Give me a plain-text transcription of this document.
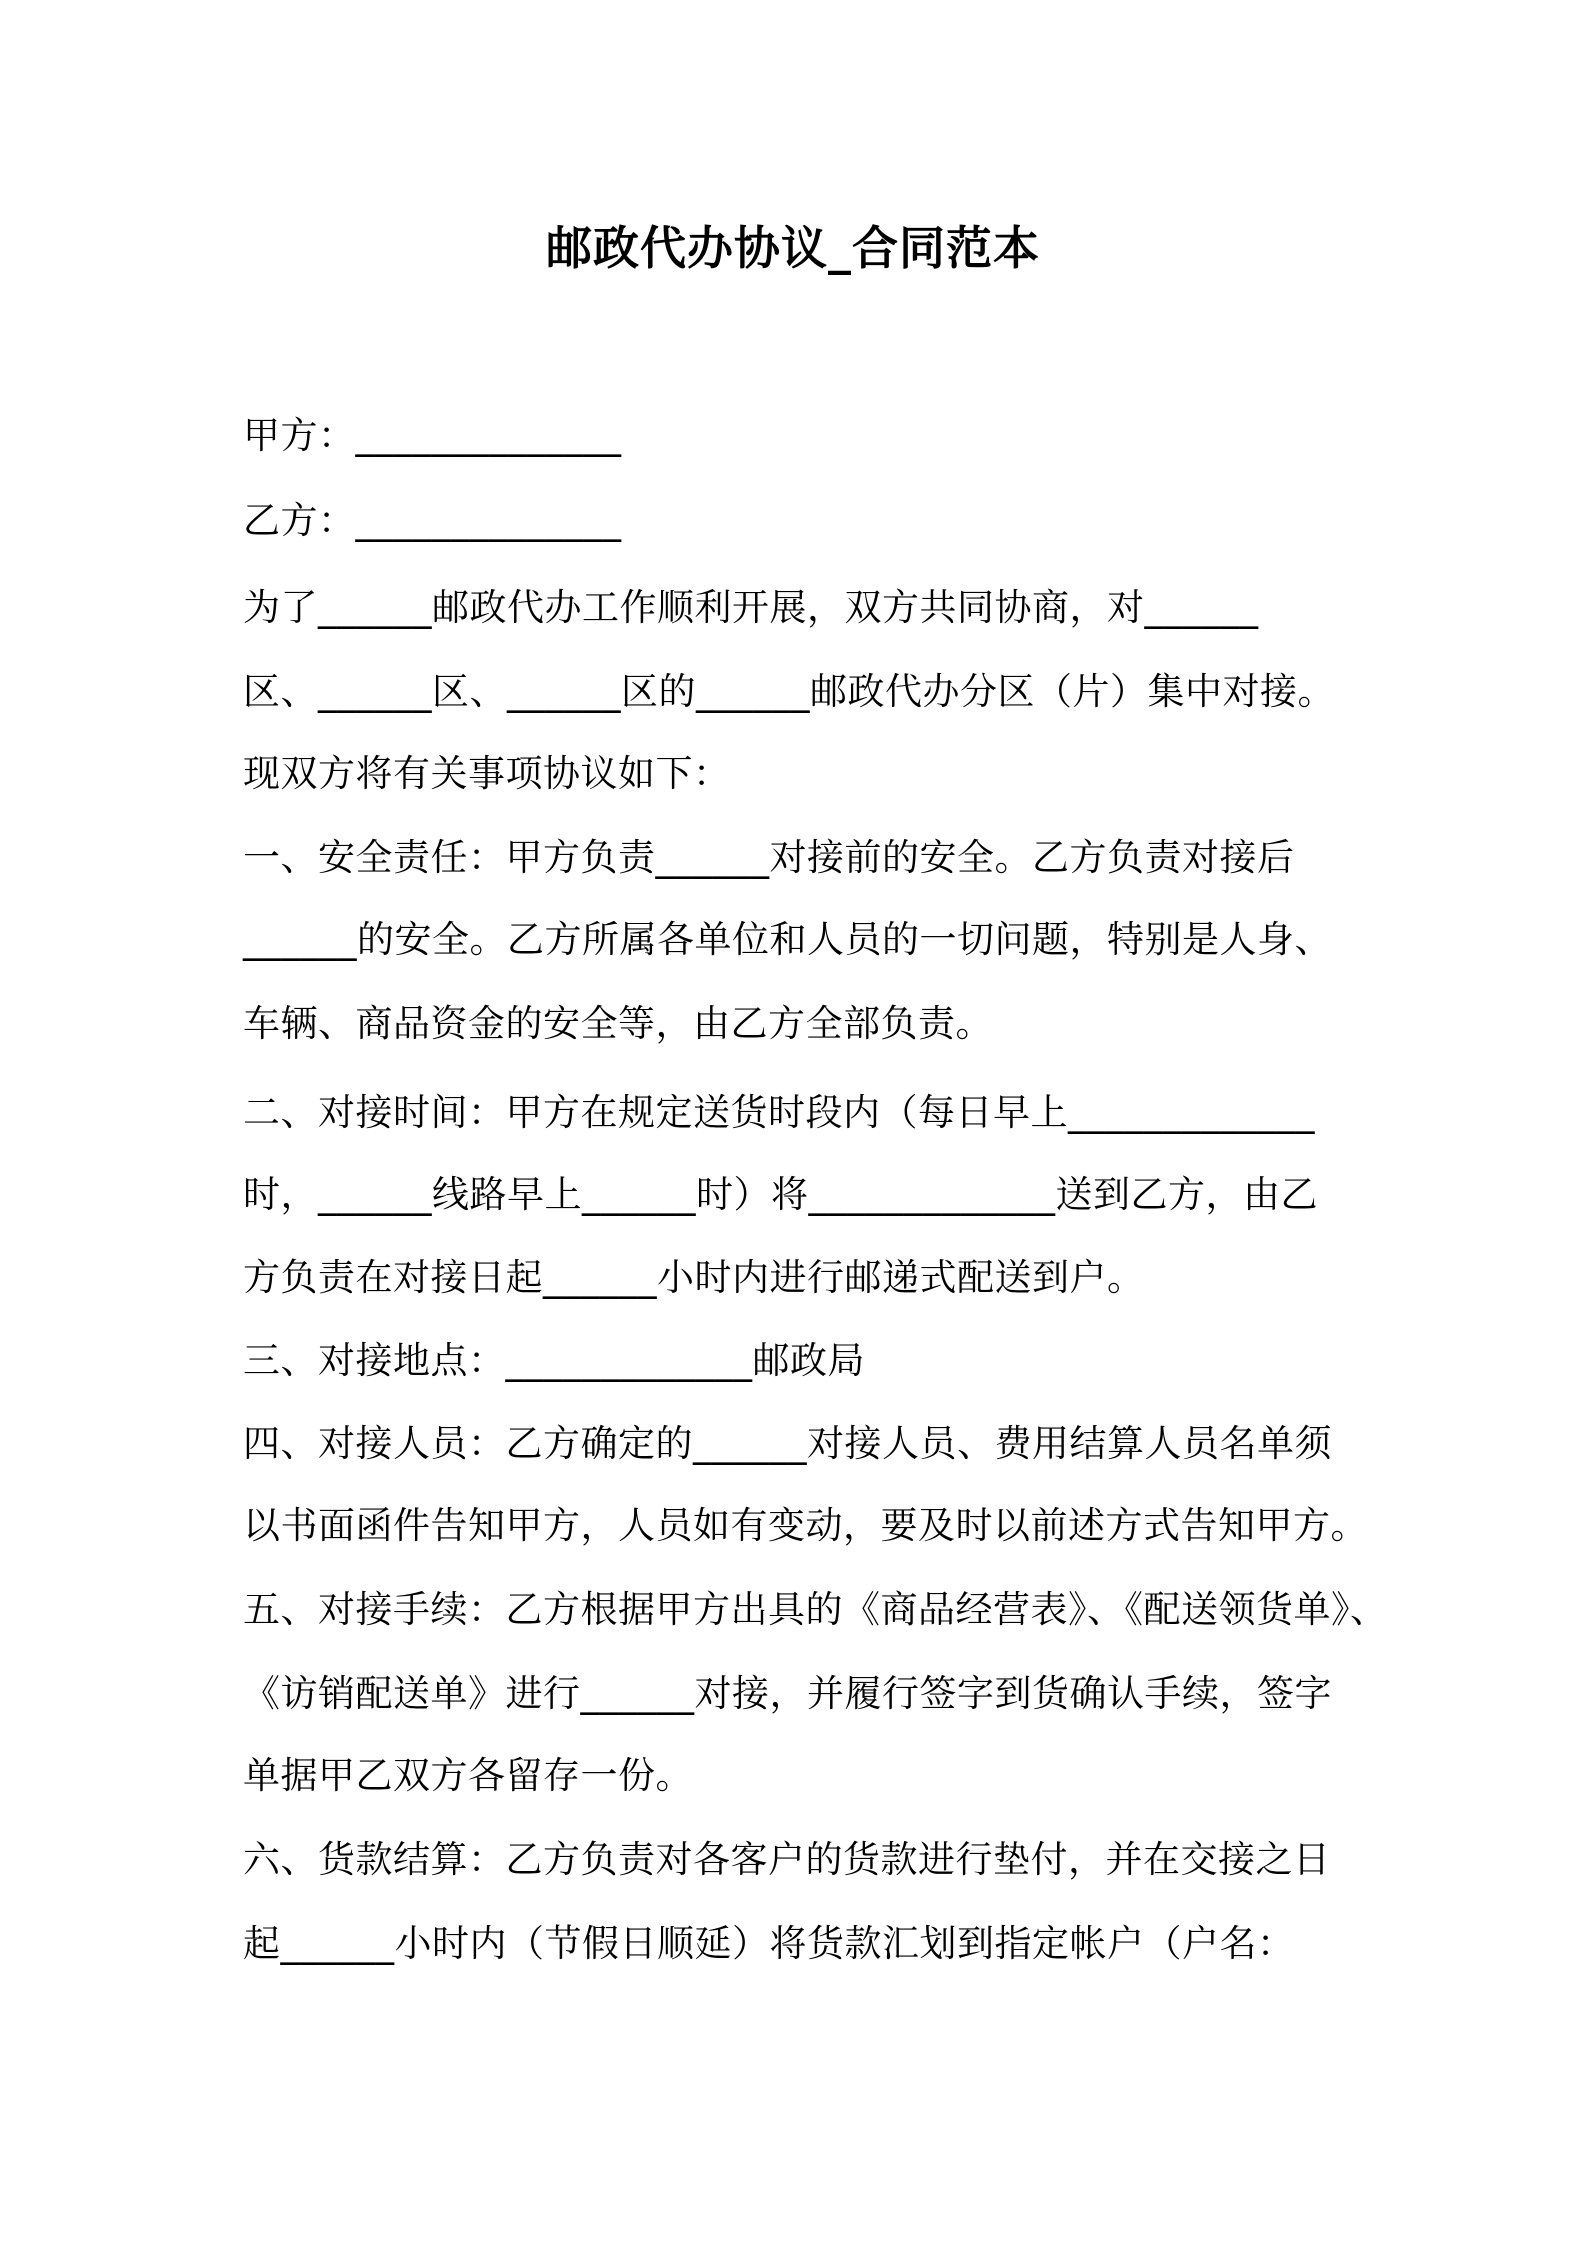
邮政代办协议_合同范本
甲方：______________
乙方：______________
为了______邮政代办工作顺利开展，双方共同协商，对______
区、______区、______区的______邮政代办分区（片）集中对接。
现双方将有关事项协议如下：
一、安全责任：甲方负责______对接前的安全。乙方负责对接后
______的安全。乙方所属各单位和人员的一切问题，特别是人身、
车辆、商品资金的安全等，由乙方全部负责。
二、对接时间：甲方在规定送货时段内（每日早上_____________
时，______线路早上______时）将_____________送到乙方，由乙
方负责在对接日起______小时内进行邮递式配送到户。
三、对接地点：_____________邮政局
四、对接人员：乙方确定的______对接人员、费用结算人员名单须
以书面函件告知甲方，人员如有变动，要及时以前述方式告知甲方。
五、对接手续：乙方根据甲方出具的《商品经营表》、《配送领货单》、
《访销配送单》进行______对接，并履行签字到货确认手续，签字
单据甲乙双方各留存一份。
六、货款结算：乙方负责对各客户的货款进行垫付，并在交接之日
起______小时内（节假日顺延）将货款汇划到指定帐户（户名：
